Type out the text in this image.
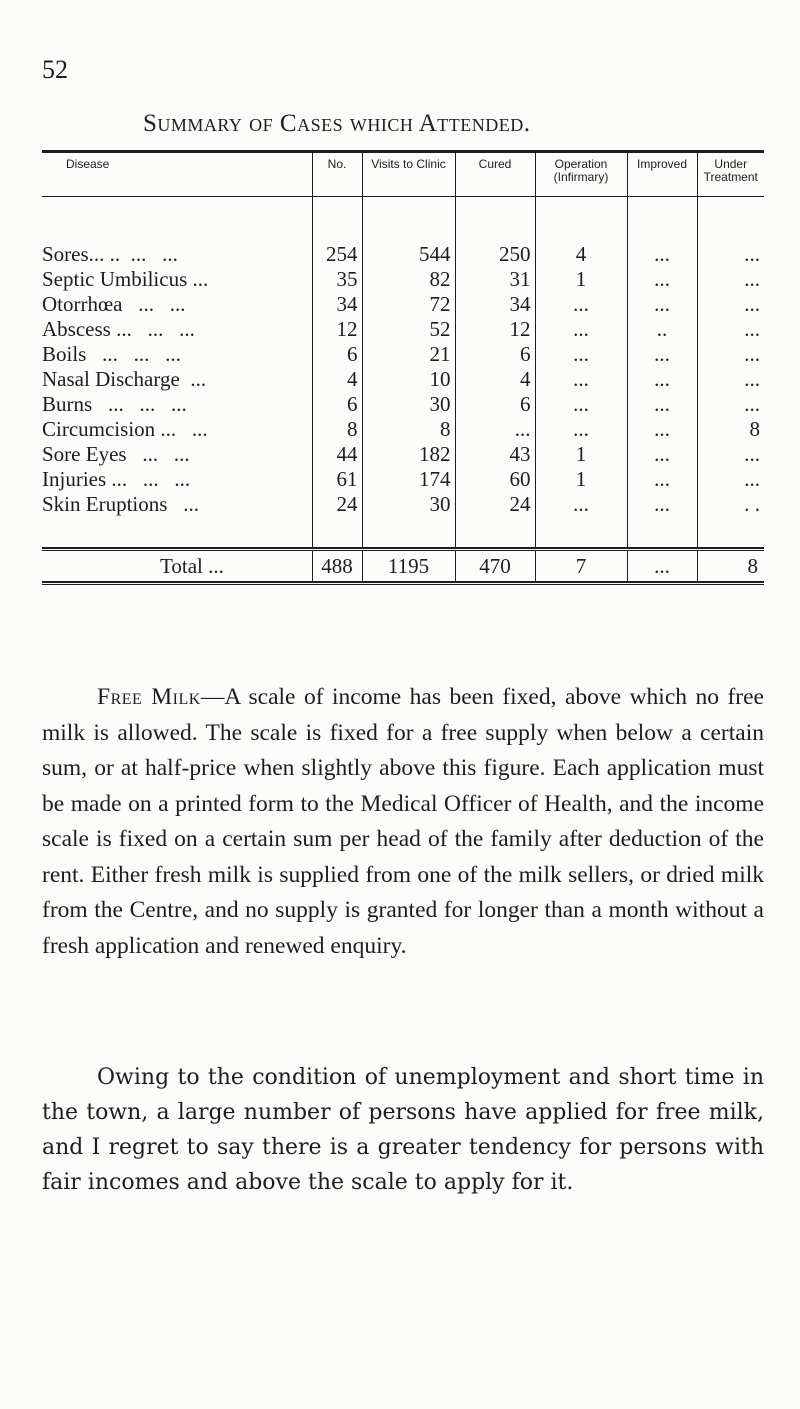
52
Summary of Cases which Attended.
Disease	No.	Visits to Clinic	Cured	Operation (Infirmary)	Improved	Under Treatment

Sores... ..  ...   ...	254	544	250	4	...	...
Septic Umbilicus ...	35	82	31	1	...	...
Otorrhœa   ...   ...	34	72	34	...	...	...
Abscess ...   ...   ...	12	52	12	...	..	...
Boils   ...   ...   ...	6	21	6	...	...	...
Nasal Discharge  ...	4	10	4	...	...	...
Burns   ...   ...   ...	6	30	6	...	...	...
Circumcision ...   ...	8	8	...	...	...	8
Sore Eyes   ...   ...	44	182	43	1	...	...
Injuries ...   ...   ...	61	174	60	1	...	...
Skin Eruptions   ...	24	30	24	...	...	. .

Total ...	488	1195	470	7	...	8

Free Milk—A scale of income has been fixed, above which no free milk is allowed. The scale is fixed for a free supply when below a certain sum, or at half-price when slightly above this figure. Each application must be made on a printed form to the Medical Officer of Health, and the income scale is fixed on a certain sum per head of the family after deduction of the rent. Either fresh milk is supplied from one of the milk sellers, or dried milk from the Centre, and no supply is granted for longer than a month without a fresh application and renewed enquiry.

Owing to the condition of unemployment and short time in the town, a large number of persons have applied for free milk, and I regret to say there is a greater tendency for persons with fair incomes and above the scale to apply for it.
